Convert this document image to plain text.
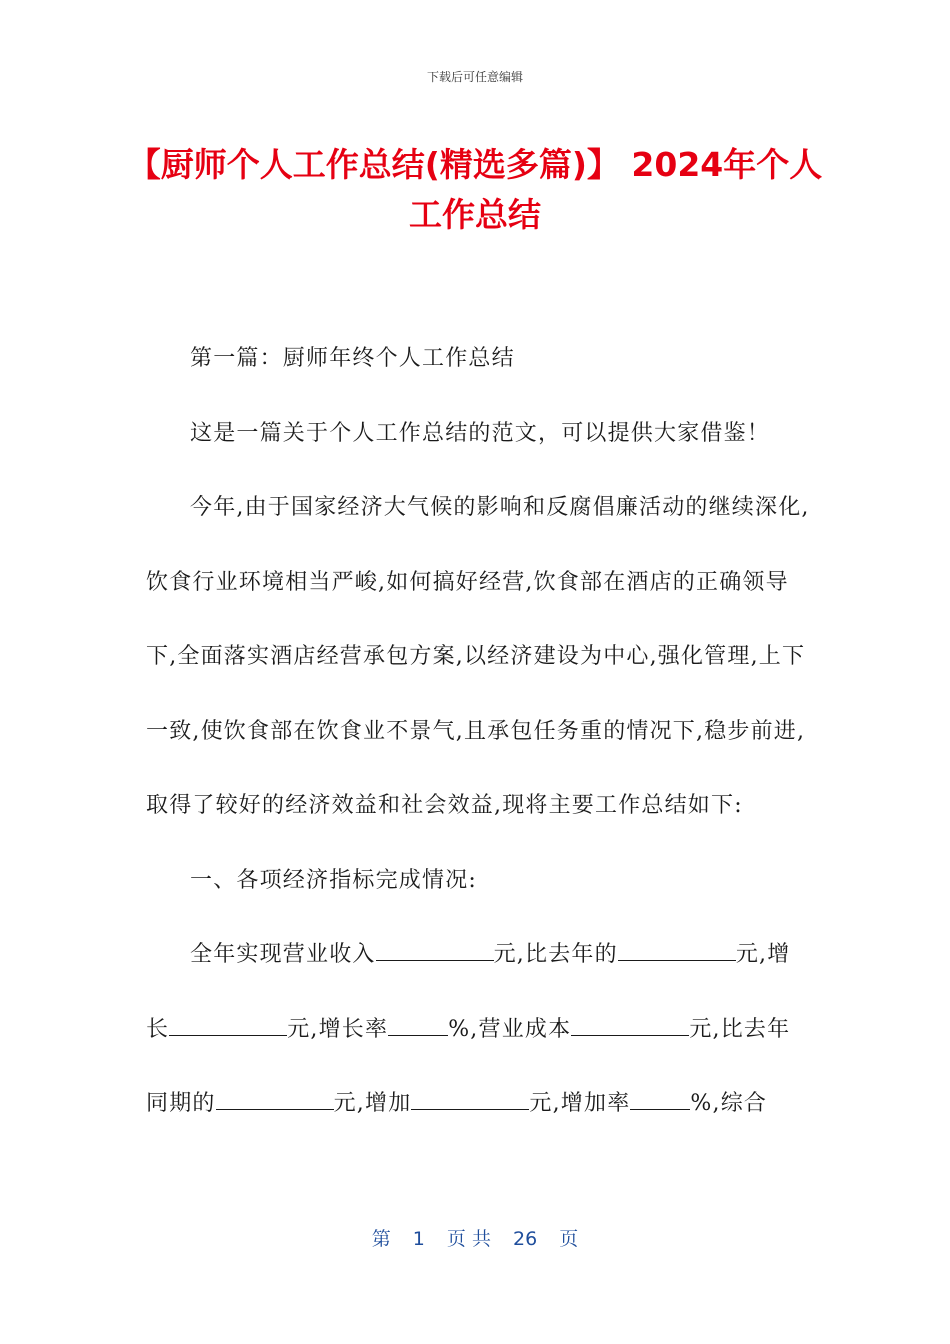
下载后可任意编辑
【厨师个人工作总结(精选多篇)】 2024年个人工作总结

第一篇：厨师年终个人工作总结

这是一篇关于个人工作总结的范文，可以提供大家借鉴！

今年,由于国家经济大气候的影响和反腐倡廉活动的继续深化,饮食行业环境相当严峻,如何搞好经营,饮食部在酒店的正确领导下,全面落实酒店经营承包方案,以经济建设为中心,强化管理,上下一致,使饮食部在饮食业不景气,且承包任务重的情况下,稳步前进,取得了较好的经济效益和社会效益,现将主要工作总结如下:

一、各项经济指标完成情况:

全年实现营业收入	元,比去年的	元,增长	元,增长率	%,营业成本	元,比去年同期的	元,增加	元,增加率	%,综合

第 1 页 共 26 页
